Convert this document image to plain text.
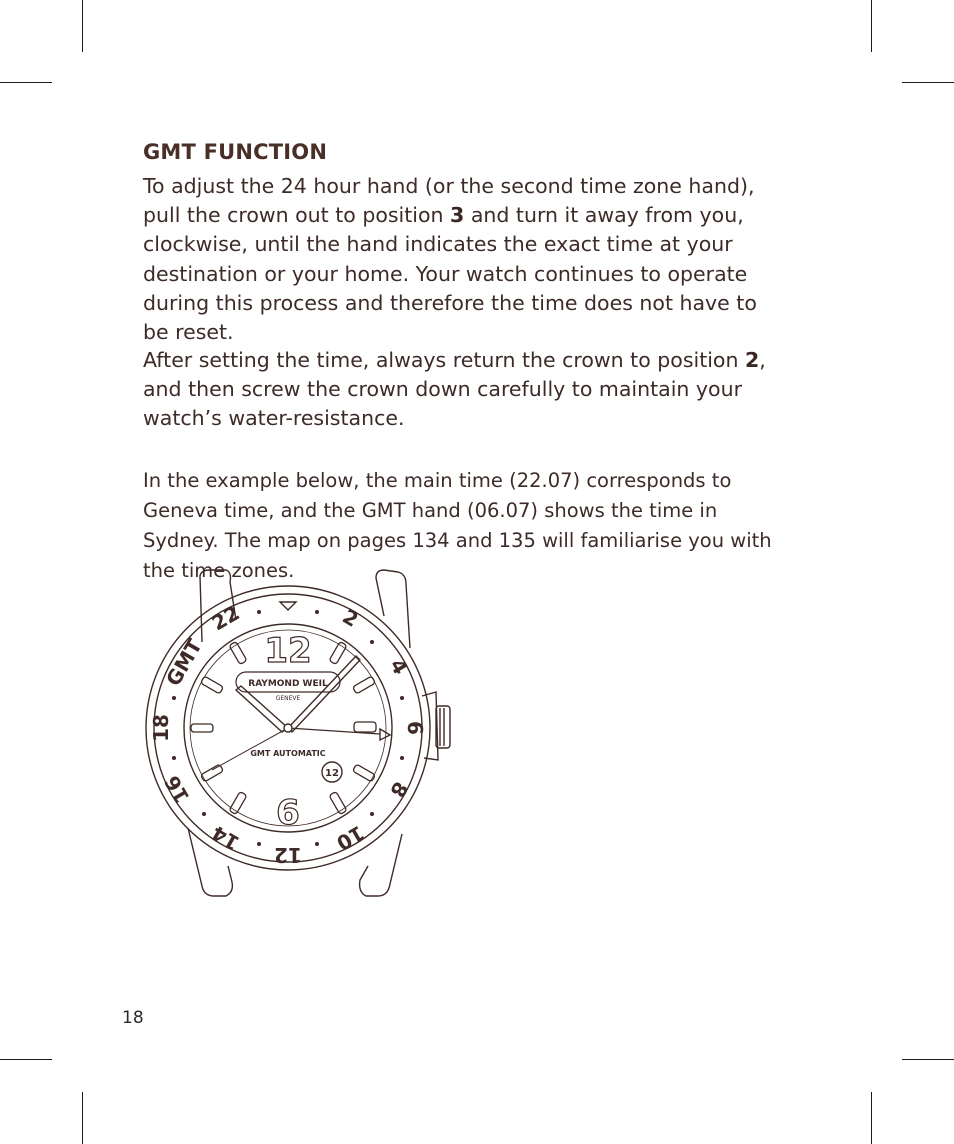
GMT FUNCTION

To adjust the 24 hour hand (or the second time zone hand), pull the crown out to position 3 and turn it away from you, clockwise, until the hand indicates the exact time at your destination or your home. Your watch continues to operate during this process and therefore the time does not have to be reset.

After setting the time, always return the crown to position 2, and then screw the crown down carefully to maintain your watch’s water-resistance.

In the example below, the main time (22.07) corresponds to Geneva time, and the GMT hand (06.07) shows the time in Sydney. The map on pages 134 and 135 will familiarise you with the time zones.

2
4
6
8
10
12
14
16
18
22
GMT 12
6
RAYMOND WEIL
GENEVE
GMT AUTOMATIC
12
18
